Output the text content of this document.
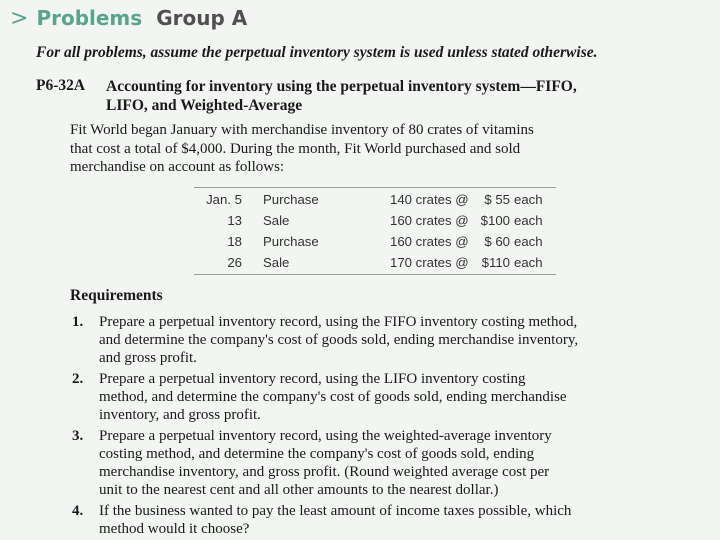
> Problems Group A
For all problems, assume the perpetual inventory system is used unless stated otherwise.
P6-32A Accounting for inventory using the perpetual inventory system—FIFO,
LIFO, and Weighted-Average
Fit World began January with merchandise inventory of 80 crates of vitamins
that cost a total of $4,000. During the month, Fit World purchased and sold
merchandise on account as follows:
Jan. 5 Purchase	140 crates @	$ 55 each
13 Sale	160 crates @ $100 each
18 Purchase	160 crates @	$ 60 each
26 Sale	170 crates @ $110 each
Requirements
1. Prepare a perpetual inventory record, using the FIFO inventory costing method,
and determine the company's cost of goods sold, ending merchandise inventory,
and gross profit.
2. Prepare a perpetual inventory record, using the LIFO inventory costing
method, and determine the company's cost of goods sold, ending merchandise
inventory, and gross profit.
3. Prepare a perpetual inventory record, using the weighted-average inventory
costing method, and determine the company's cost of goods sold, ending
merchandise inventory, and gross profit. (Round weighted average cost per
unit to the nearest cent and all other amounts to the nearest dollar.)
4. If the business wanted to pay the least amount of income taxes possible, which
method would it choose?
